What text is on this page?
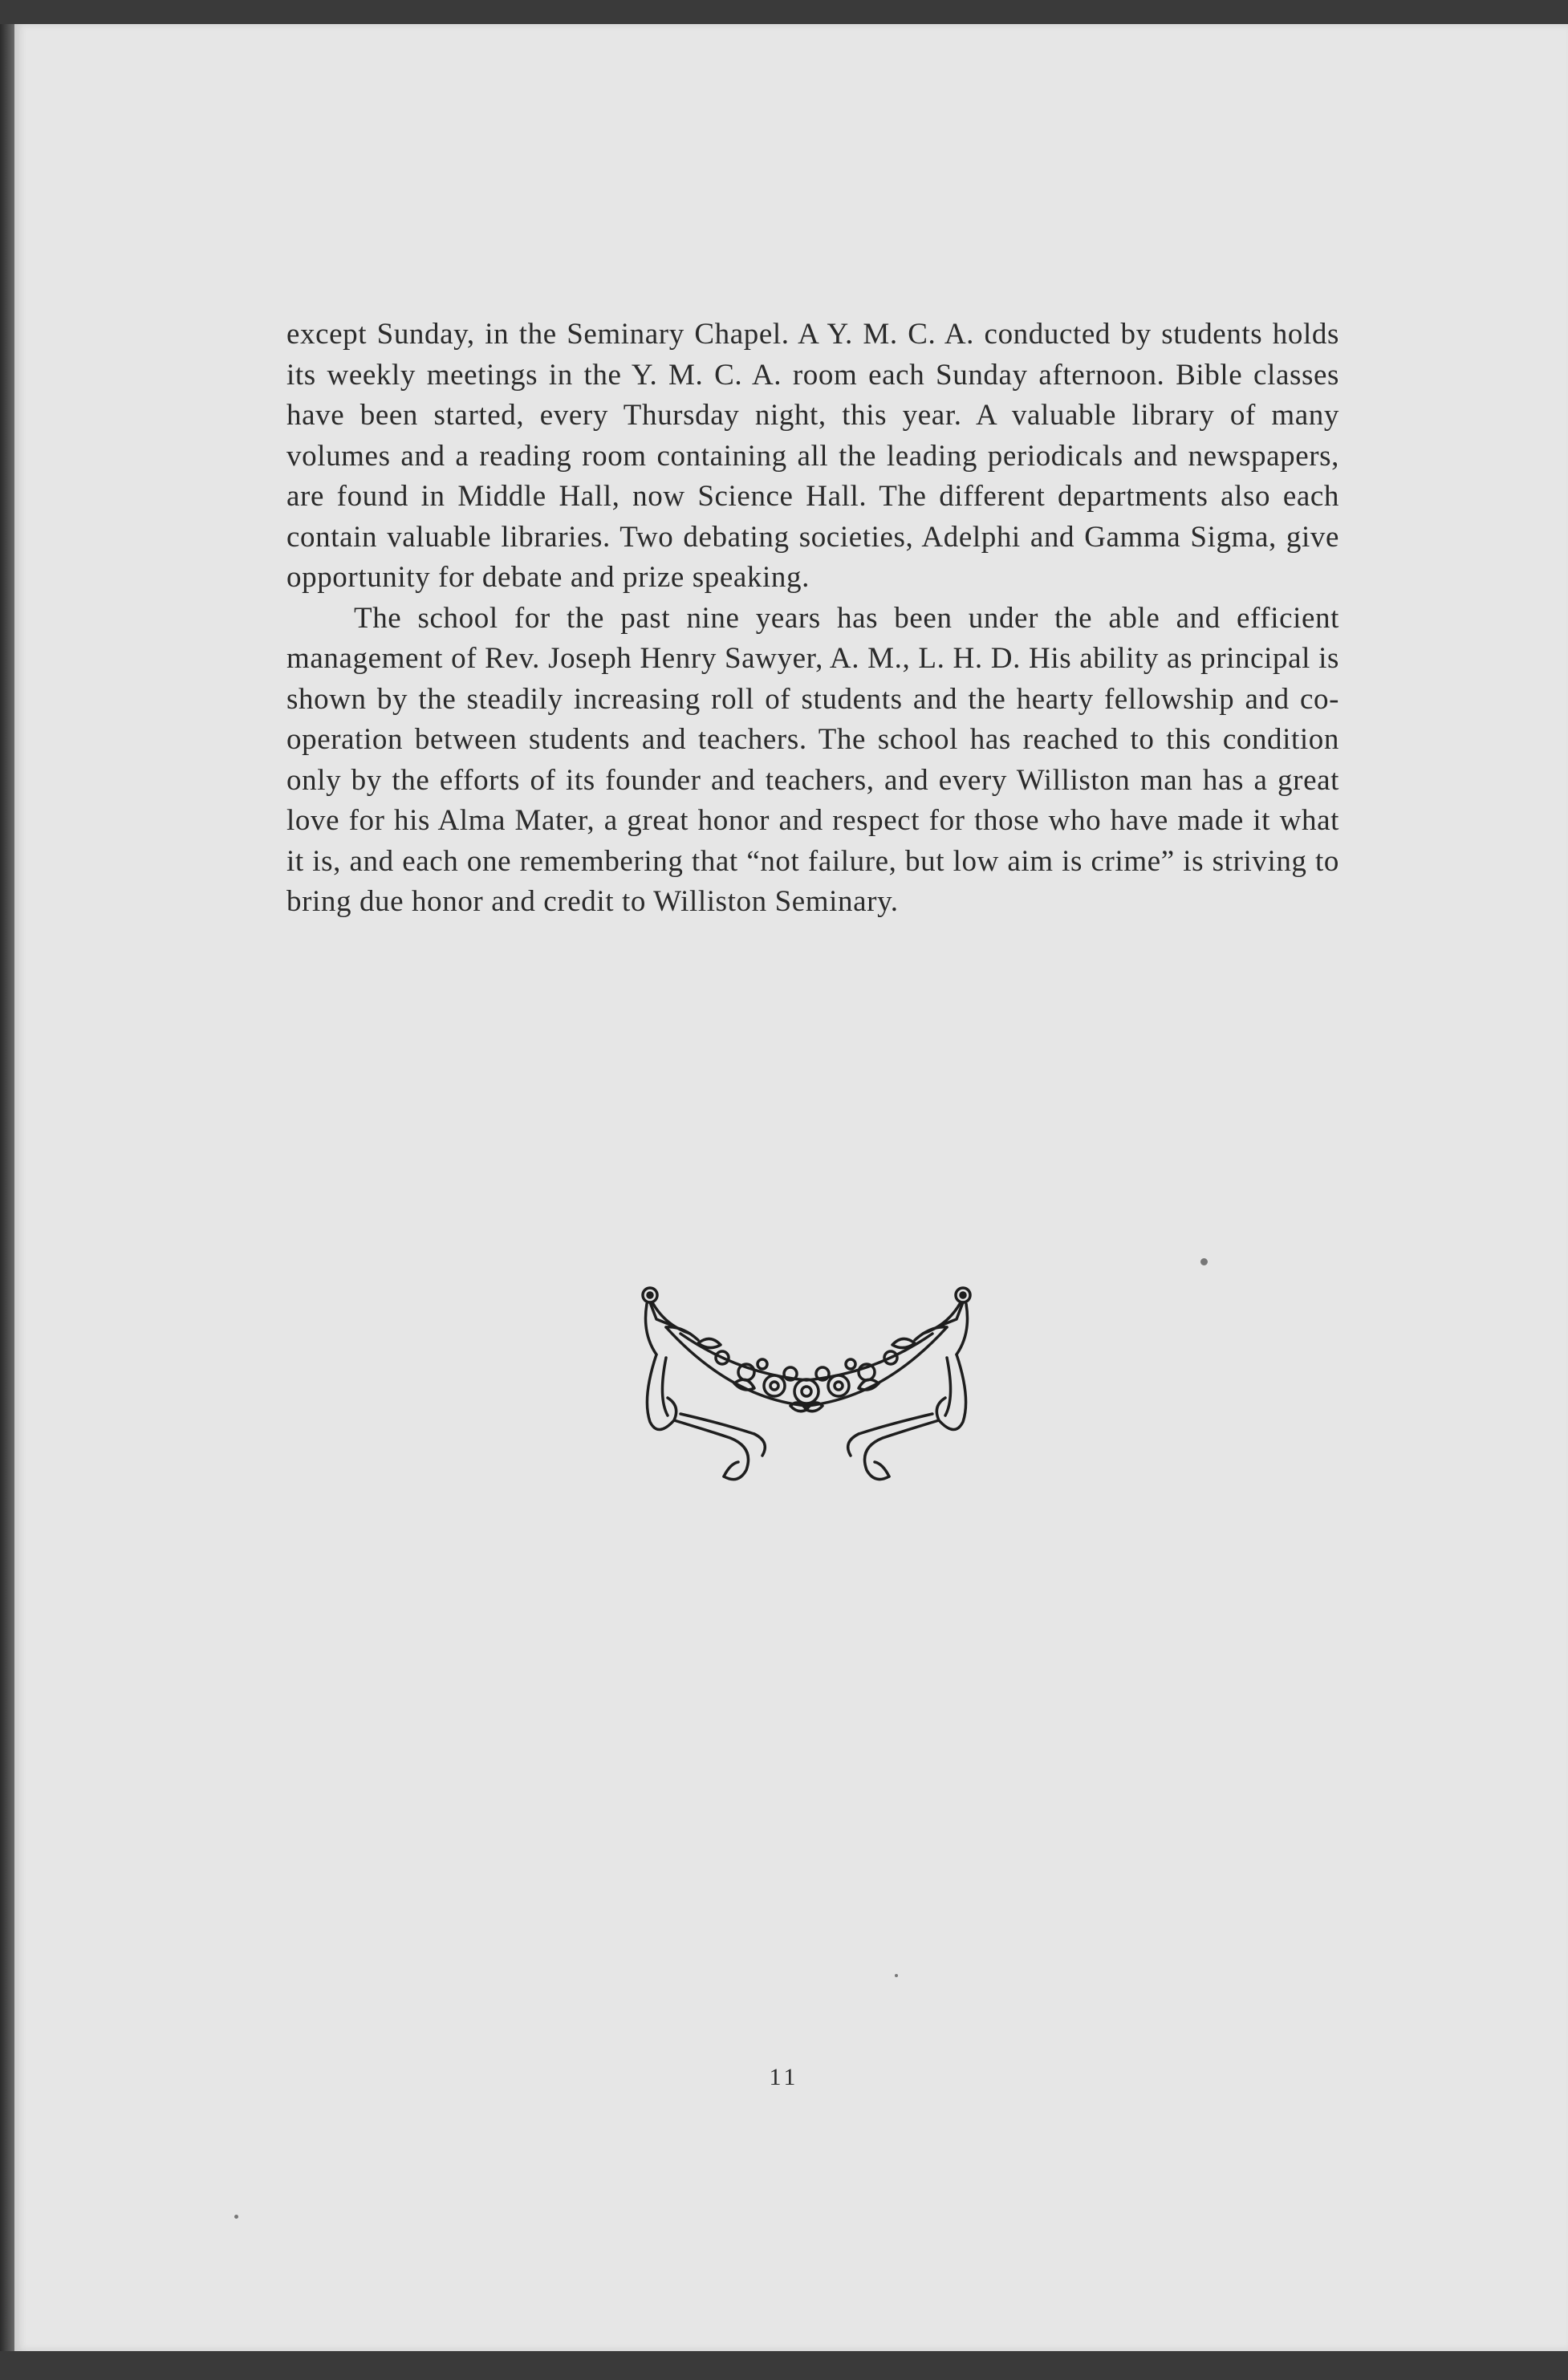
except Sunday, in the Seminary Chapel. A Y. M. C. A. conducted by students holds its weekly meetings in the Y. M. C. A. room each Sunday afternoon. Bible classes have been started, every Thursday night, this year. A valuable library of many volumes and a reading room containing all the leading periodicals and newspapers, are found in Middle Hall, now Science Hall. The different departments also each contain valuable libraries. Two debating societies, Adelphi and Gamma Sigma, give opportunity for debate and prize speaking.

The school for the past nine years has been under the able and efficient management of Rev. Joseph Henry Sawyer, A. M., L. H. D. His ability as principal is shown by the steadily increasing roll of students and the hearty fellowship and co-operation between students and teachers. The school has reached to this condition only by the efforts of its founder and teachers, and every Williston man has a great love for his Alma Mater, a great honor and respect for those who have made it what it is, and each one remembering that “not failure, but low aim is crime” is striving to bring due honor and credit to Williston Seminary.

11
